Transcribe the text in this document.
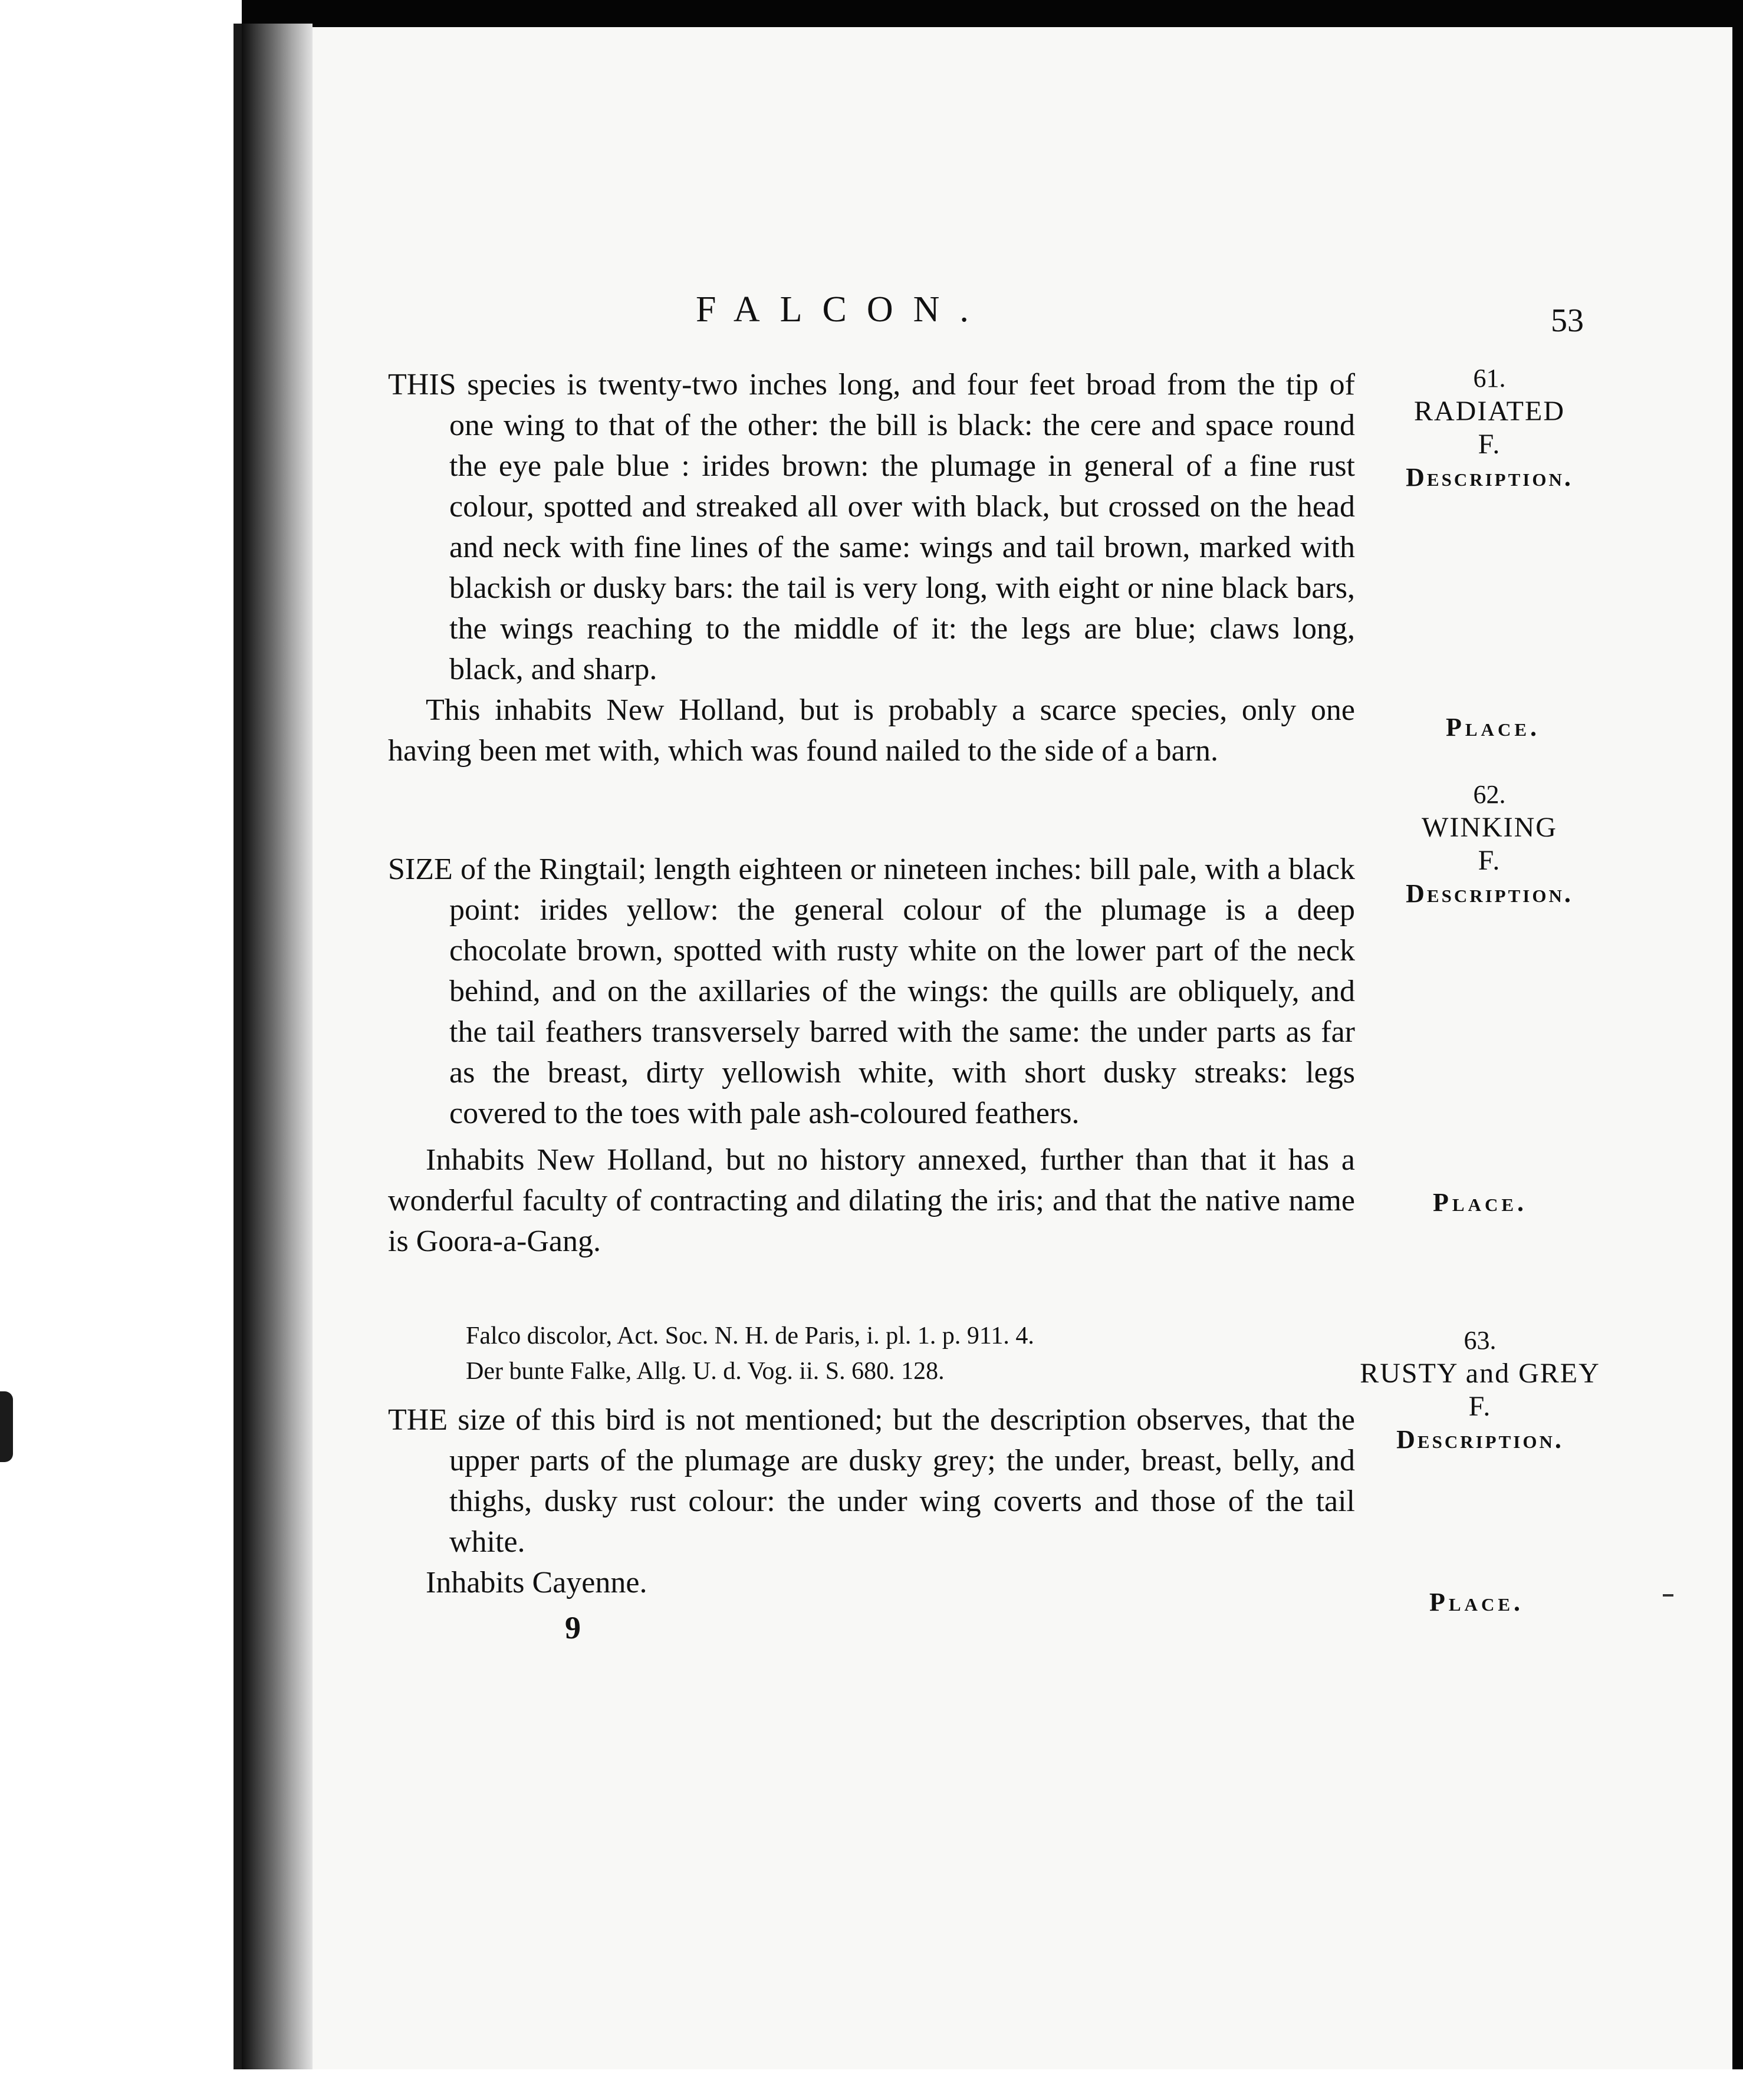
FALCON.	53

THIS species is twenty-two inches long, and four feet broad from the tip of one wing to that of the other: the bill is black: the cere and space round the eye pale blue : irides brown: the plumage in general of a fine rust colour, spotted and streaked all over with black, but crossed on the head and neck with fine lines of the same: wings and tail brown, marked with blackish or dusky bars: the tail is very long, with eight or nine black bars, the wings reaching to the middle of it: the legs are blue; claws long, black, and sharp.

This inhabits New Holland, but is probably a scarce species, only one having been met with, which was found nailed to the side of a barn.

61.
RADIATED
F.
Description.
Place.

SIZE of the Ringtail; length eighteen or nineteen inches: bill pale, with a black point: irides yellow: the general colour of the plumage is a deep chocolate brown, spotted with rusty white on the lower part of the neck behind, and on the axillaries of the wings: the quills are obliquely, and the tail feathers transversely barred with the same: the under parts as far as the breast, dirty yellowish white, with short dusky streaks: legs covered to the toes with pale ash-coloured feathers.

Inhabits New Holland, but no history annexed, further than that it has a wonderful faculty of contracting and dilating the iris; and that the native name is Goora-a-Gang.

62.
WINKING
F.
Description.
Place.

Falco discolor, Act. Soc. N. H. de Paris, i. pl. 1. p. 911. 4.

Der bunte Falke, Allg. U. d. Vog. ii. S. 680. 128.

THE size of this bird is not mentioned; but the description observes, that the upper parts of the plumage are dusky grey; the under, breast, belly, and thighs, dusky rust colour: the under wing coverts and those of the tail white.

Inhabits Cayenne.

63.
RUSTY and GREY
F.
Description.
Place.
9
